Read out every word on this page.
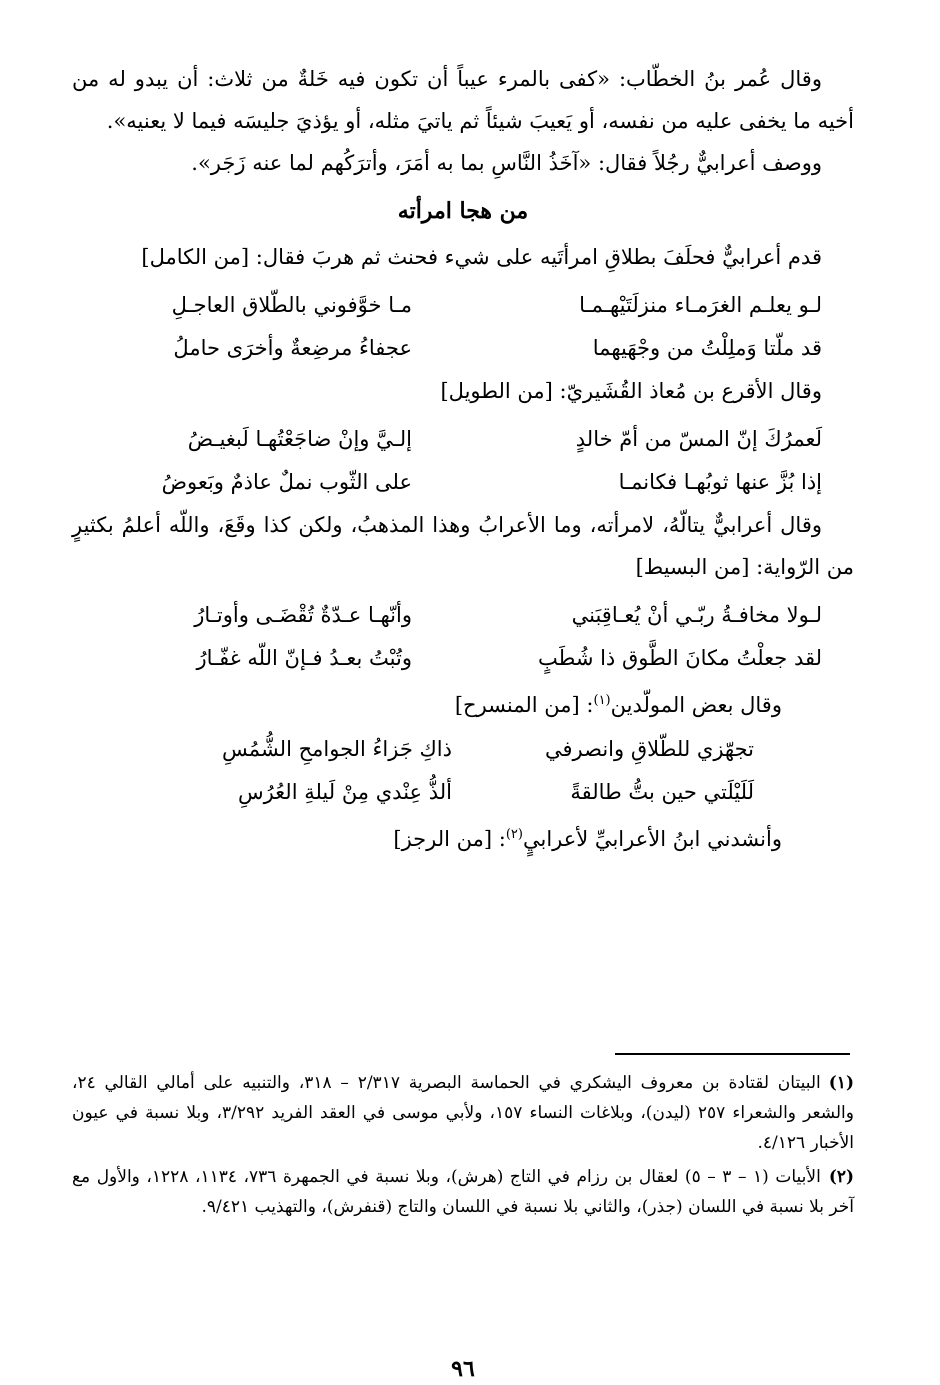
وقال عُمر بنُ الخطّاب: «كفى بالمرء عيباً أن تكون فيه خَلةٌ من ثلاث: أن يبدو له من أخيه ما يخفى عليه من نفسه، أو يَعيبَ شيئاً ثم ياتيَ مثله، أو يؤذيَ جليسَه فيما لا يعنيه».

ووصف أعرابيٌّ رجُلاً فقال: «آخَذُ النَّاسِ بما به أمَرَ، وأترَكُهم لما عنه زَجَر».

من هجا امرأته

قدم أعرابيٌّ فحلَفَ بطلاقِ امرأتَيه على شيء فحنث ثم هربَ فقال: [من الكامل]

لـو يعلـم الغرَمـاء منزلَتَيْهـمـا
مـا خوَّفوني بالطّلاق العاجـلِ
قد ملّتا وَملِلْتُ من وجْهَيهما
عجفاءُ مرضِعةٌ وأخرَى حاملُ

وقال الأقرع بن مُعاذ القُشَيريّ: [من الطويل]

لَعمرُكَ إنّ المسّ من أمّ خالدٍ
إلـيَّ وإنْ ضاجَعْتُهـا لَبغيـضُ
إذا بُزَّ عنها ثوبُهـا فكانمـا
على الثّوب نملٌ عاذمٌ وبَعوضُ

وقال أعرابيٌّ يتالّهُ، لامرأته، وما الأعرابُ وهذا المذهبُ، ولكن كذا وقَعَ، واللّه أعلمُ بكثيرٍ من الرّواية: [من البسيط]

لـولا مخافـةُ ربّـي أنْ يُعـاقِبَني
وأنّهـا عـدّةٌ تُقْضَـى وأوتـارُ
لقد جعلْتُ مكانَ الطَّوق ذا شُطَبٍ
وتُبْتُ بعـدُ فـإنّ اللّه غفّـارُ

وقال بعض المولّدين$^{(١)}$: [من المنسرح]

تجهّزي للطّلاقِ وانصرفي
ذاكِ جَزاءُ الجوامحِ الشُّمُسِ
لَلَيْلَتي حين بتُّ طالقةً
ألذُّ عِنْدي مِنْ لَيلةِ العُرُسِ

وأنشدني ابنُ الأعرابيِّ لأعرابيٍ$^{(٢)}$: [من الرجز]

(١)البيتان لقتادة بن معروف اليشكري في الحماسة البصرية ٢/٣١٧ – ٣١٨، والتنبيه على أمالي القالي ٢٤، والشعر والشعراء ٢٥٧ (ليدن)، وبلاغات النساء ١٥٧، ولأبي موسى في العقد الفريد ٣/٢٩٢، وبلا نسبة في عيون الأخبار ٤/١٢٦.

(٢)الأبيات (١ – ٣ – ٥) لعقال بن رزام في التاج (هرش)، وبلا نسبة في الجمهرة ٧٣٦، ١١٣٤، ١٢٢٨، والأول مع آخر بلا نسبة في اللسان (جذر)، والثاني بلا نسبة في اللسان والتاج (قنفرش)، والتهذيب ٩/٤٢١.

٩٦
